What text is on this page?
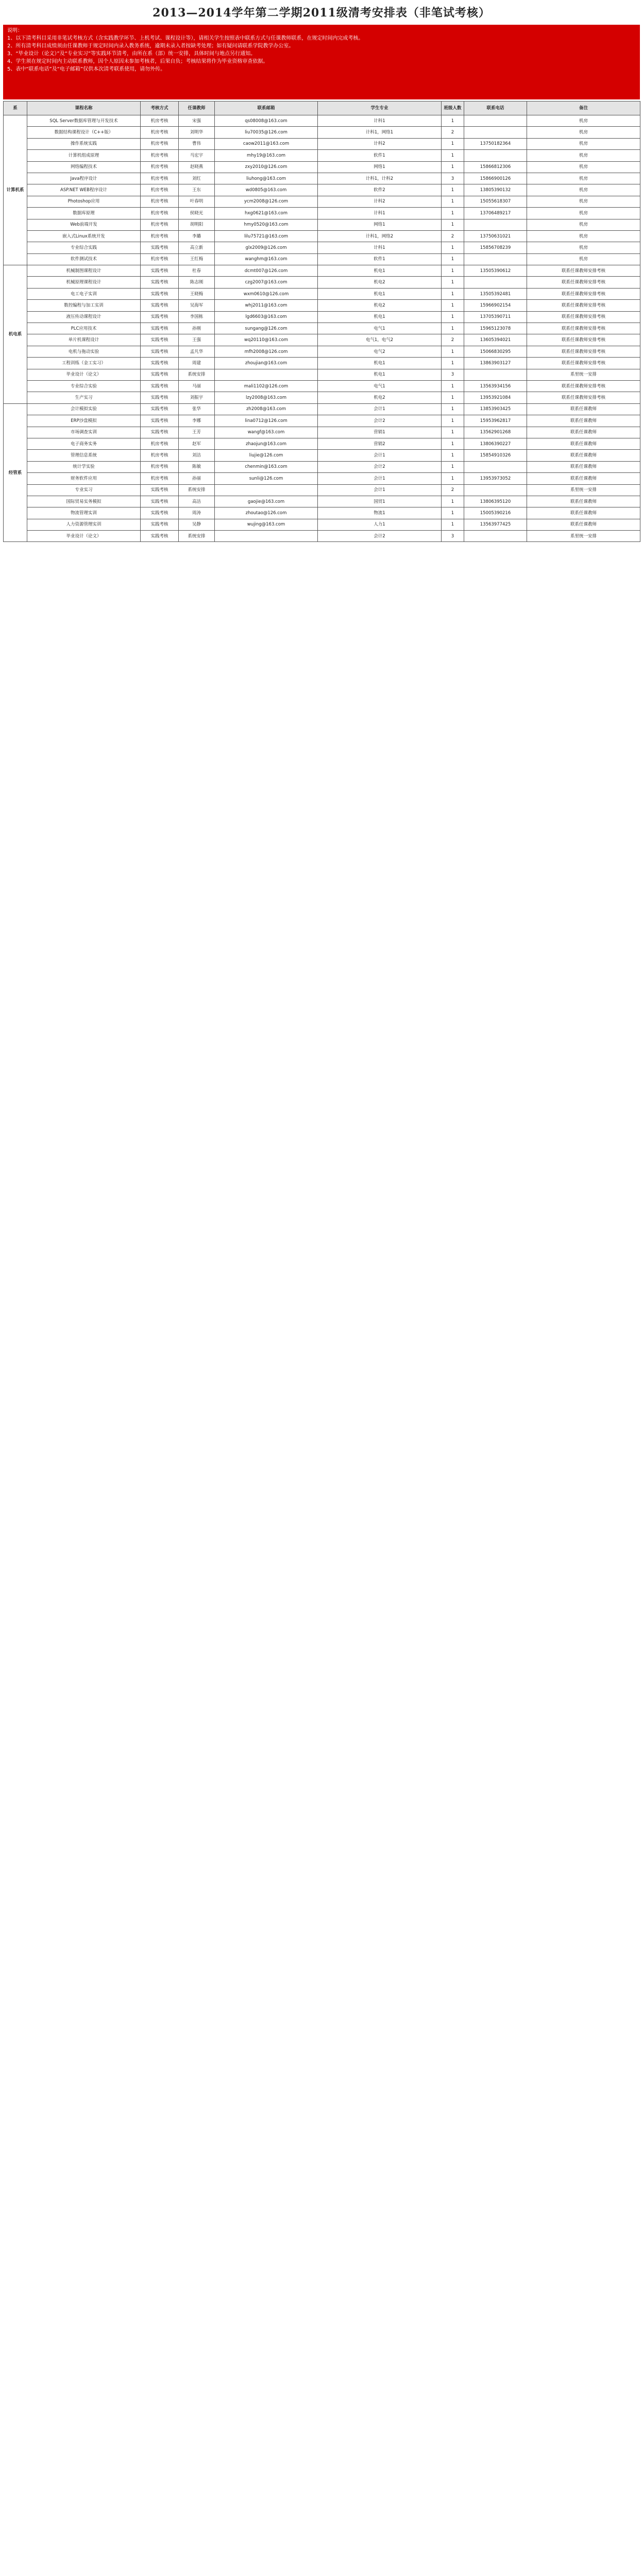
2013—2014学年第二学期2011级清考安排表（非笔试考核）
说明：
1、以下清考科目采用非笔试考核方式（含实践教学环节、上机考试、课程设计等），请相关学生按照表中联系方式与任课教师联系，在规定时间内完成考核。
2、所有清考科目成绩须由任课教师于规定时间内录入教务系统，逾期未录入者按缺考处理；如有疑问请联系学院教学办公室。
3、“毕业设计（论文）”及“专业实习”等实践环节清考，由所在系（部）统一安排，具体时间与地点另行通知。
4、学生须在规定时间内主动联系教师，因个人原因未参加考核者，后果自负；考核结果将作为毕业资格审查依据。
5、表中“联系电话”及“电子邮箱”仅供本次清考联系使用，请勿外传。
系	课程名称	考核方式	任课教师	联系邮箱	学生专业	班级人数	联系电话	备注
计算机系	SQL Server数据库管理与开发技术	机房考核	宋强	qs08008@163.com	计科1	1		机房
	数据结构课程设计（C++版）	机房考核	刘明华	liu70035@126.com	计科1，网络1	2		机房
	操作系统实践	机房考核	曹伟	caow2011@163.com	计科2	1	13750182364	机房
	计算机组成原理	机房考核	马宏宇	mhy19@163.com	软件1	1		机房
	网络编程技术	机房考核	赵晓燕	zxy2010@126.com	网络1	1	15866812306	机房
	Java程序设计	机房考核	刘红	liuhong@163.com	计科1，计科2	3	15866900126	机房
	ASP.NET WEB程序设计	机房考核	王东	wd0805@163.com	软件2	1	13805390132	机房
	Photoshop应用	机房考核	叶春明	ycm2008@126.com	计科2	1	15055618307	机房
	数据库原理	机房考核	侯晓光	hxg0621@163.com	计科1	1	13706489217	机房
	Web前端开发	机房考核	胡明阳	hmy0520@163.com	网络1	1		机房
	嵌入式Linux系统开发	机房考核	李璐	lilu75721@163.com	计科1，网络2	2	13750631021	机房
	专业综合实践	实践考核	高立新	glx2009@126.com	计科1	1	15856708239	机房
	软件测试技术	机房考核	王红梅	wanghm@163.com	软件1	1		机房
机电系	机械制图课程设计	实践考核	杜春	dcmt007@126.com	机电1	1	13505390612	联系任课教师安排考核
	机械原理课程设计	实践考核	陈志刚	czg2007@163.com	机电2	1		联系任课教师安排考核
	电工电子实训	实践考核	王晓梅	wxm0610@126.com	机电1	1	13505392481	联系任课教师安排考核
	数控编程与加工实训	实践考核	吴海军	whj2011@163.com	机电2	1	15966902154	联系任课教师安排考核
	液压传动课程设计	实践考核	李国栋	lgd6603@163.com	机电1	1	13705390711	联系任课教师安排考核
	PLC应用技术	实践考核	孙刚	sungang@126.com	电气1	1	15965123078	联系任课教师安排考核
	单片机课程设计	实践考核	王强	wq20110@163.com	电气1，电气2	2	13605394021	联系任课教师安排考核
	电机与拖动实验	实践考核	孟凡华	mfh2008@126.com	电气2	1	15066830295	联系任课教师安排考核
	工程训练（金工实习）	实践考核	周建	zhoujian@163.com	机电1	1	13863903127	联系任课教师安排考核
	毕业设计（论文）	实践考核	系统安排		机电1	3		系里统一安排
	专业综合实验	实践考核	马丽	mali1102@126.com	电气1	1	13563934156	联系任课教师安排考核
	生产实习	实践考核	刘振宇	lzy2008@163.com	机电2	1	13953921084	联系任课教师安排考核
经管系	会计模拟实验	实践考核	张华	zh2008@163.com	会计1	1	13853903425	联系任课教师
	ERP沙盘模拟	实践考核	李娜	lina0712@126.com	会计2	1	15953962817	联系任课教师
	市场调查实训	实践考核	王芳	wangf@163.com	营销1	1	13562901268	联系任课教师
	电子商务实务	机房考核	赵军	zhaojun@163.com	营销2	1	13806390227	联系任课教师
	管理信息系统	机房考核	刘洁	liujie@126.com	会计1	1	15854910326	联系任课教师
	统计学实验	机房考核	陈敏	chenmin@163.com	会计2	1		联系任课教师
	财务软件应用	机房考核	孙丽	sunli@126.com	会计1	1	13953973052	联系任课教师
	专业实习	实践考核	系统安排		会计1	2		系里统一安排
	国际贸易实务模拟	实践考核	高洁	gaojie@163.com	国贸1	1	13806395120	联系任课教师
	物流管理实训	实践考核	周涛	zhoutao@126.com	物流1	1	15005390216	联系任课教师
	人力资源管理实训	实践考核	吴静	wujing@163.com	人力1	1	13563977425	联系任课教师
	毕业设计（论文）	实践考核	系统安排		会计2	3		系里统一安排
